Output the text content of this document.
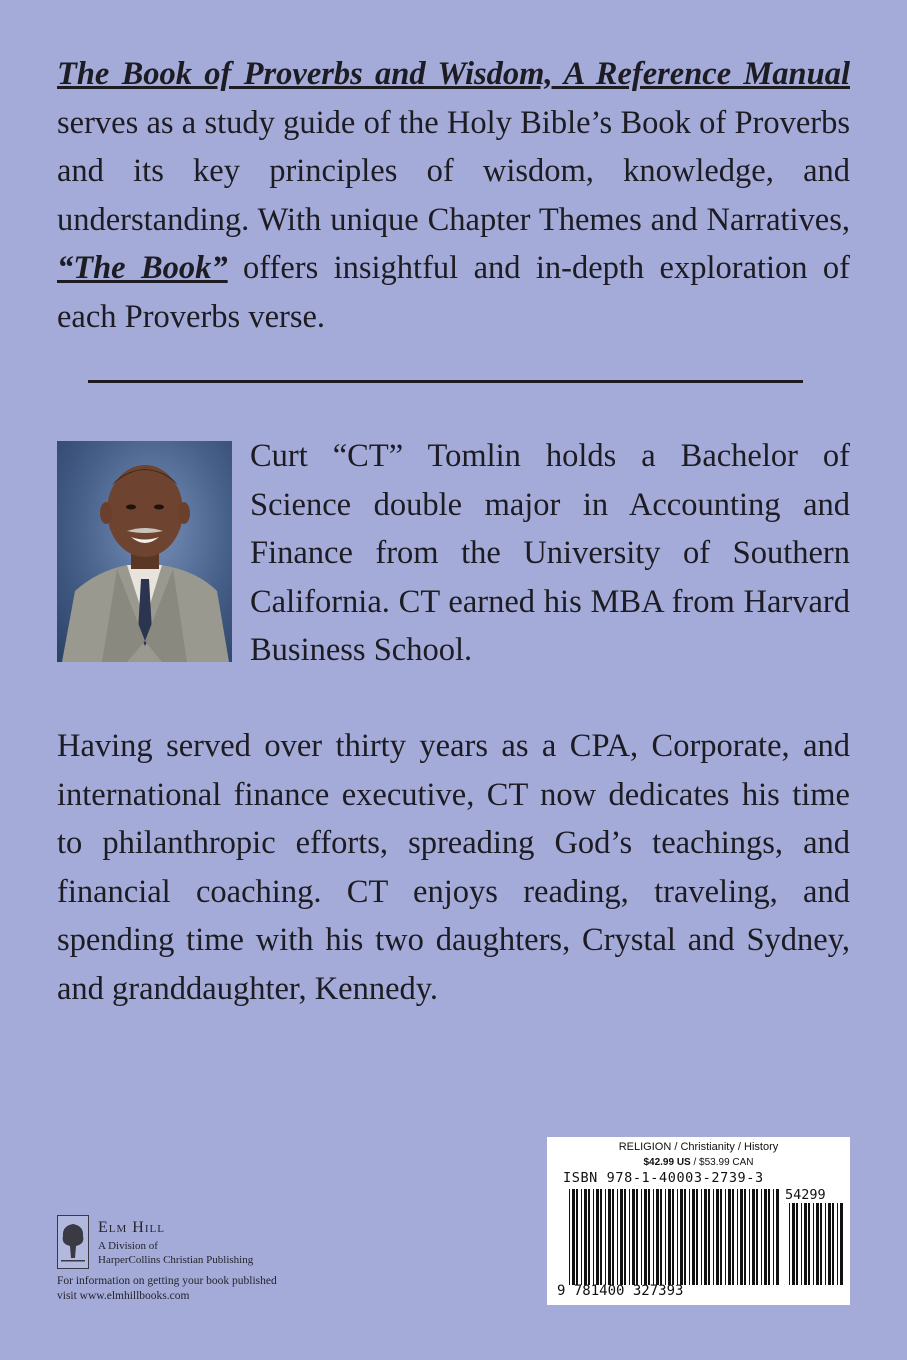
The Book of Proverbs and Wisdom, A Reference Manual serves as a study guide of the Holy Bible’s Book of Proverbs and its key principles of wisdom, knowledge, and understanding. With unique Chapter Themes and Narratives, “The Book” offers insightful and in-depth exploration of each Proverbs verse.

Curt “CT” Tomlin holds a Bachelor of Science double major in Accounting and Finance from the University of Southern California. CT earned his MBA from Harvard Business School.

Having served over thirty years as a CPA, Corporate, and international finance executive, CT now dedicates his time to philanthropic efforts, spreading God’s teachings, and financial coaching. CT enjoys reading, traveling, and spending time with his two daughters, Crystal and Sydney, and granddaughter, Kennedy.

Elm Hill
A Division of
HarperCollins Christian Publishing
For information on getting your book published
visit www.elmhillbooks.com
RELIGION / Christianity / History
$42.99 US / $53.99 CAN
ISBN 978-1-40003-2739-3
54299
9 781400 327393
